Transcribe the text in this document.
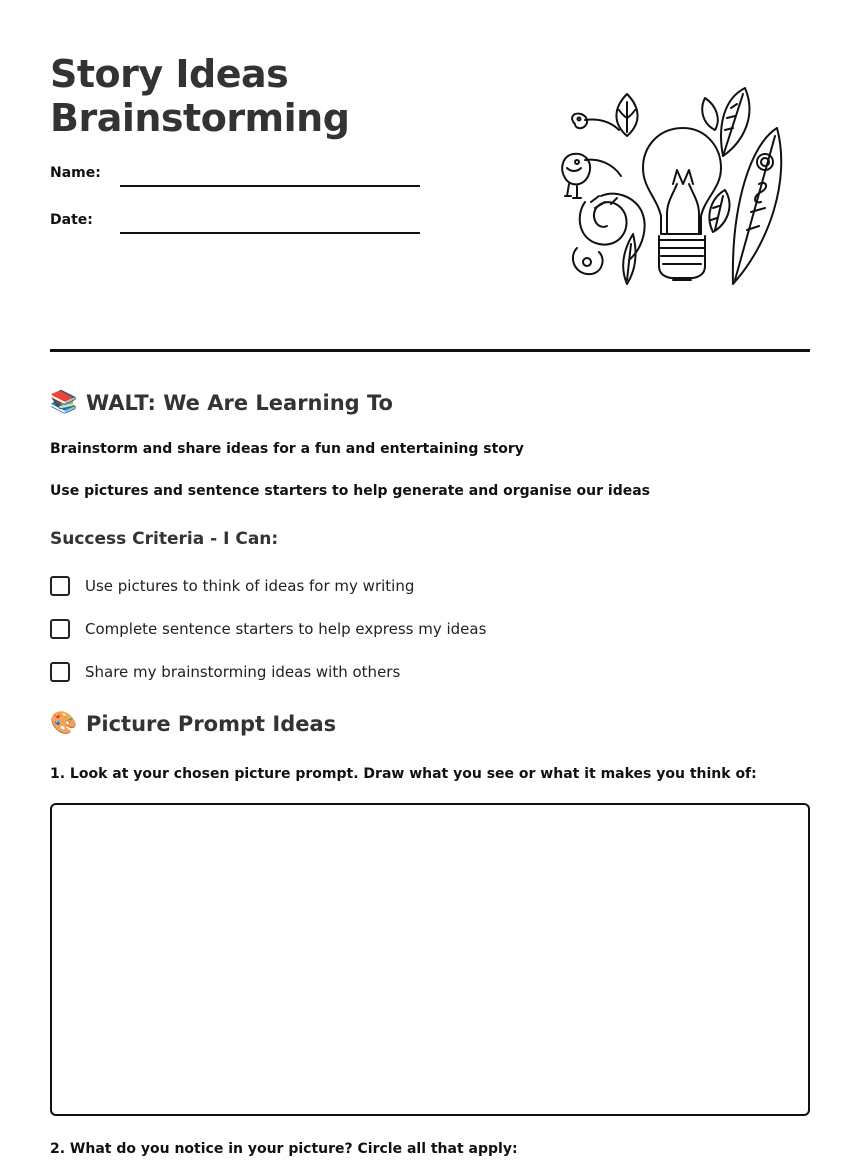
Story Ideas
Brainstorming
Name:
Date:
📚 WALT: We Are Learning To
Brainstorm and share ideas for a fun and entertaining story
Use pictures and sentence starters to help generate and organise our ideas
Success Criteria - I Can:
Use pictures to think of ideas for my writing
Complete sentence starters to help express my ideas
Share my brainstorming ideas with others
🎨 Picture Prompt Ideas
1. Look at your chosen picture prompt. Draw what you see or what it makes you think of:
2. What do you notice in your picture? Circle all that apply:
